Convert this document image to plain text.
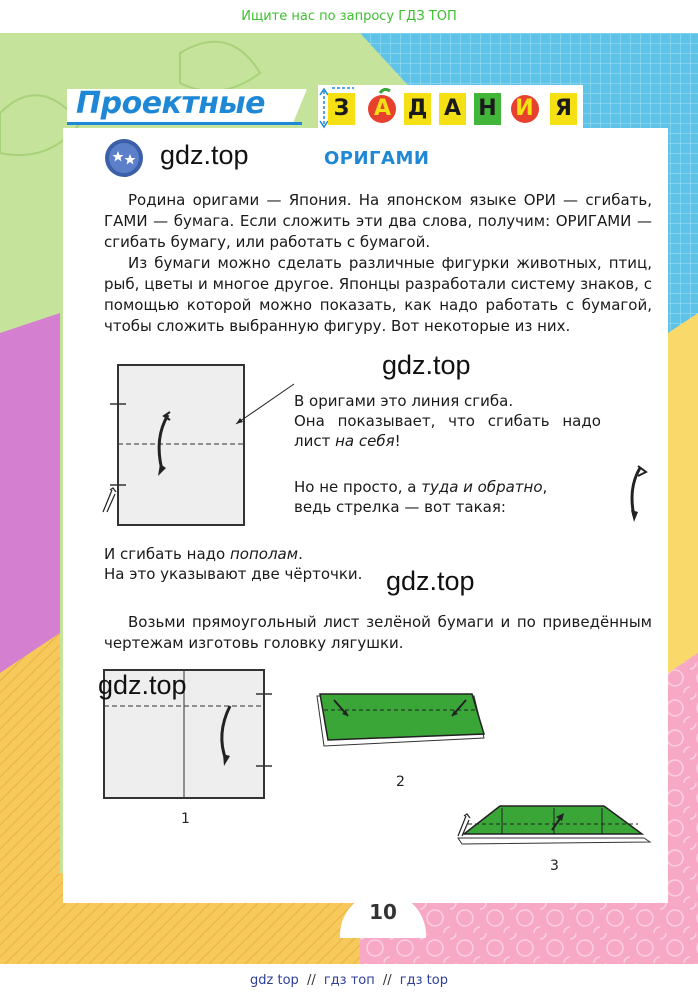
Ищите нас по запросу ГДЗ ТОП
Проектные	З А Д А Н И Я
gdz.top	ОРИГАМИ
Родина оригами — Япония. На японском языке ОРИ — сгибать, ГАМИ — бумага. Если сложить эти два слова, получим: ОРИГАМИ — сгибать бумагу, или работать с бумагой.
Из бумаги можно сделать различные фигурки животных, птиц, рыб, цветы и многое другое. Японцы разработали систему знаков, с помощью которой можно показать, как надо работать с бумагой, чтобы сложить выбранную фигуру. Вот некоторые из них.
gdz.top
В оригами это линия сгиба.
Она показывает, что сгибать надо
лист на себя!
Но не просто, а туда и обратно,
ведь стрелка — вот такая:
И сгибать надо пополам.
На это указывают две чёрточки. gdz.top
Возьми прямоугольный лист зелёной бумаги и по приведённым чертежам изготовь головку лягушки.
gdz.top
1
2
3
10
gdz top // гдз топ // гдз top
